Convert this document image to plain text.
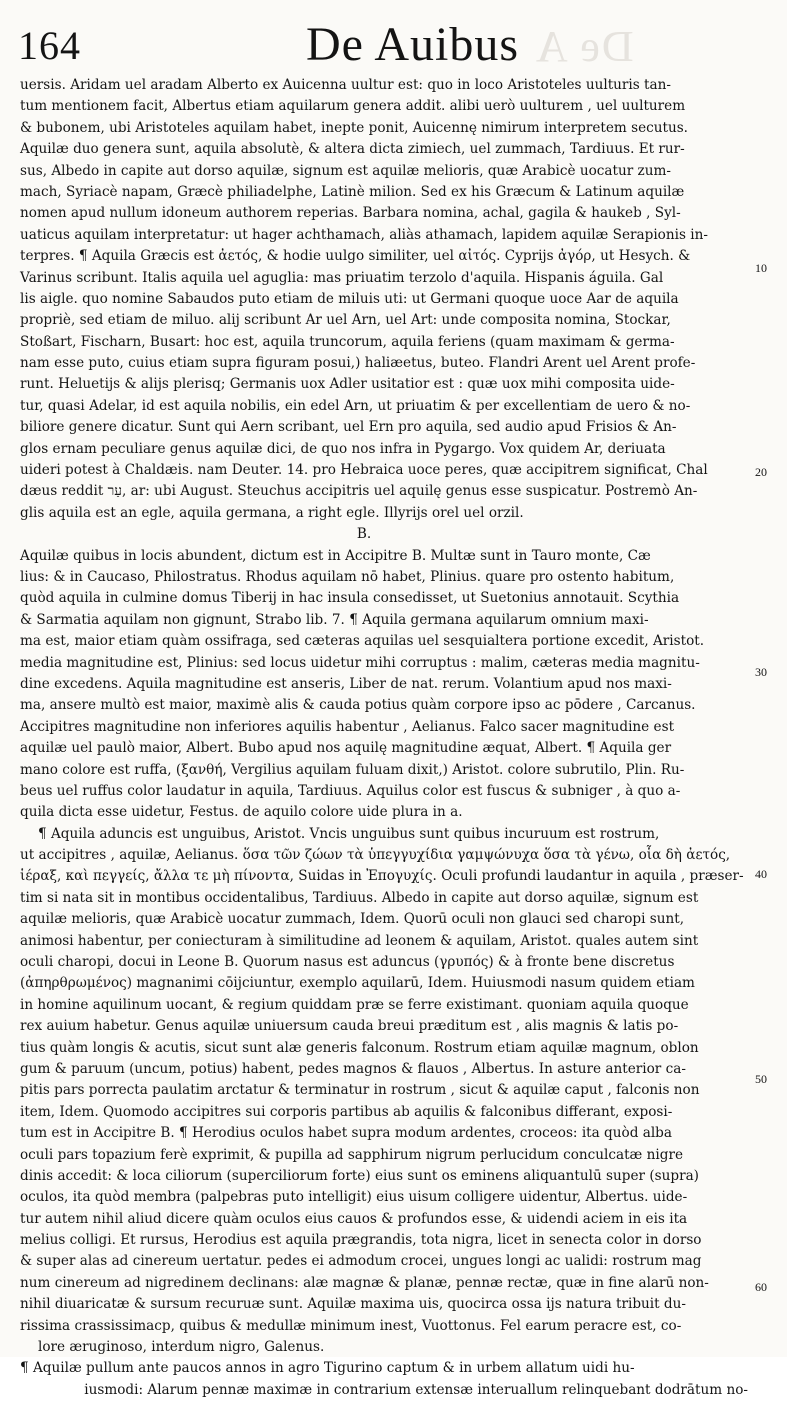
164	De Auibus De A
uersis. Aridam uel aradam Alberto ex Auicenna uultur est: quo in loco Aristoteles uulturis tan-
tum mentionem facit, Albertus etiam aquilarum genera addit. alibi uerò uulturem , uel uulturem
& bubonem, ubi Aristoteles aquilam habet, inepte ponit, Auicennę nimirum interpretem secutus.
Aquilæ duo genera sunt, aquila absolutè, & altera dicta zimiech, uel zummach, Tardiuus. Et rur-
sus, Albedo in capite aut dorso aquilæ, signum est aquilæ melioris, quæ Arabicè uocatur zum-
mach, Syriacè napam, Græcè philiadelphe, Latinè milion. Sed ex his Græcum & Latinum aquilæ
nomen apud nullum idoneum authorem reperias. Barbara nomina, achal, gagila & haukeb , Syl-
uaticus aquilam interpretatur: ut hager achthamach, aliàs athamach, lapidem aquilæ Serapionis in-
terpres. ¶ Aquila Græcis est ἀετός, & hodie uulgo similiter, uel αἰτός. Cyprijs ἀγόρ, ut Hesych. &
Varinus scribunt. Italis aquila uel aguglia: mas priuatim terzolo d'aquila. Hispanis águila. Gal
lis aigle. quo nomine Sabaudos puto etiam de miluis uti: ut Germani quoque uoce Aar de aquila
propriè, sed etiam de miluo. alij scribunt Ar uel Arn, uel Art: unde composita nomina, Stockar,
Stoßart, Fischarn, Busart: hoc est, aquila truncorum, aquila feriens (quam maximam & germa-
nam esse puto, cuius etiam supra figuram posui,) haliæetus, buteo. Flandri Arent uel Arent profe-
runt. Heluetijs & alijs plerisq; Germanis uox Adler usitatior est : quæ uox mihi composita uide-
tur, quasi Adelar, id est aquila nobilis, ein edel Arn, ut priuatim & per excellentiam de uero & no-
biliore genere dicatur. Sunt qui Aern scribant, uel Ern pro aquila, sed audio apud Frisios & An-
glos ernam peculiare genus aquilæ dici, de quo nos infra in Pygargo. Vox quidem Ar, deriuata
uideri potest à Chaldæis. nam Deuter. 14. pro Hebraica uoce peres, quæ accipitrem significat, Chal
dæus reddit עַר, ar: ubi August. Steuchus accipitris uel aquilę genus esse suspicatur. Postremò An-
glis aquila est an egle, aquila germana, a right egle. Illyrijs orel uel orzil.
B.
Aquilæ quibus in locis abundent, dictum est in Accipitre B. Multæ sunt in Tauro monte, Cæ
lius: & in Caucaso, Philostratus. Rhodus aquilam nō habet, Plinius. quare pro ostento habitum,
quòd aquila in culmine domus Tiberij in hac insula consedisset, ut Suetonius annotauit. Scythia
& Sarmatia aquilam non gignunt, Strabo lib. 7. ¶ Aquila germana aquilarum omnium maxi-
ma est, maior etiam quàm ossifraga, sed cæteras aquilas uel sesquialtera portione excedit, Aristot.
media magnitudine est, Plinius: sed locus uidetur mihi corruptus : malim, cæteras media magnitu-
dine excedens. Aquila magnitudine est anseris, Liber de nat. rerum. Volantium apud nos maxi-
ma, ansere multò est maior, maximè alis & cauda potius quàm corpore ipso ac pōdere , Carcanus.
Accipitres magnitudine non inferiores aquilis habentur , Aelianus. Falco sacer magnitudine est
aquilæ uel paulò maior, Albert. Bubo apud nos aquilę magnitudine æquat, Albert. ¶ Aquila ger
mano colore est ruffa, (ξανθή, Vergilius aquilam fuluam dixit,) Aristot. colore subrutilo, Plin. Ru-
beus uel ruffus color laudatur in aquila, Tardiuus. Aquilus color est fuscus & subniger , à quo a-
quila dicta esse uidetur, Festus. de aquilo colore uide plura in a.
¶ Aquila aduncis est unguibus, Aristot. Vncis unguibus sunt quibus incuruum est rostrum,
ut accipitres , aquilæ, Aelianus. ὅσα τῶν ζώων τὰ ὑπεγγυχίδια γαμψώνυχα ὅσα τὰ γένω, οἷα δὴ ἀετός,
ἱέραξ, καὶ πεγγείς, ἄλλα τε μὴ πίνοντα, Suidas in Ἐπογυχίς. Oculi profundi laudantur in aquila , præser-
tim si nata sit in montibus occidentalibus, Tardiuus. Albedo in capite aut dorso aquilæ, signum est
aquilæ melioris, quæ Arabicè uocatur zummach, Idem. Quorū oculi non glauci sed charopi sunt,
animosi habentur, per coniecturam à similitudine ad leonem & aquilam, Aristot. quales autem sint
oculi charopi, docui in Leone B. Quorum nasus est aduncus (γρυπός) & à fronte bene discretus
(ἀπηρθρωμένος) magnanimi cōijciuntur, exemplo aquilarū, Idem. Huiusmodi nasum quidem etiam
in homine aquilinum uocant, & regium quiddam præ se ferre existimant. quoniam aquila quoque
rex auium habetur. Genus aquilæ uniuersum cauda breui præditum est , alis magnis & latis po-
tius quàm longis & acutis, sicut sunt alæ generis falconum. Rostrum etiam aquilæ magnum, oblon
gum & paruum (uncum, potius) habent, pedes magnos & flauos , Albertus. In asture anterior ca-
pitis pars porrecta paulatim arctatur & terminatur in rostrum , sicut & aquilæ caput , falconis non
item, Idem. Quomodo accipitres sui corporis partibus ab aquilis & falconibus differant, exposi-
tum est in Accipitre B. ¶ Herodius oculos habet supra modum ardentes, croceos: ita quòd alba
oculi pars topazium ferè exprimit, & pupilla ad sapphirum nigrum perlucidum conculcatæ nigre
dinis accedit: & loca ciliorum (superciliorum forte) eius sunt os eminens aliquantulū super (supra)
oculos, ita quòd membra (palpebras puto intelligit) eius uisum colligere uidentur, Albertus. uide-
tur autem nihil aliud dicere quàm oculos eius cauos & profundos esse, & uidendi aciem in eis ita
melius colligi. Et rursus, Herodius est aquila prægrandis, tota nigra, licet in senecta color in dorso
& super alas ad cinereum uertatur. pedes ei admodum crocei, ungues longi ac ualidi: rostrum mag
num cinereum ad nigredinem declinans: alæ magnæ & planæ, pennæ rectæ, quæ in fine alarū non-
nihil diuaricatæ & sursum recuruæ sunt. Aquilæ maxima uis, quocirca ossa ijs natura tribuit du-
rissima crassissimacp, quibus & medullæ minimum inest, Vuottonus. Fel earum peracre est, co-
lore æruginoso, interdum nigro, Galenus.
¶ Aquilæ pullum ante paucos annos in agro Tigurino captum & in urbem allatum uidi hu-
iusmodi: Alarum pennæ maximæ in contrarium extensæ interuallum relinquebant dodrātum no-
10
20
30
40
50
60
